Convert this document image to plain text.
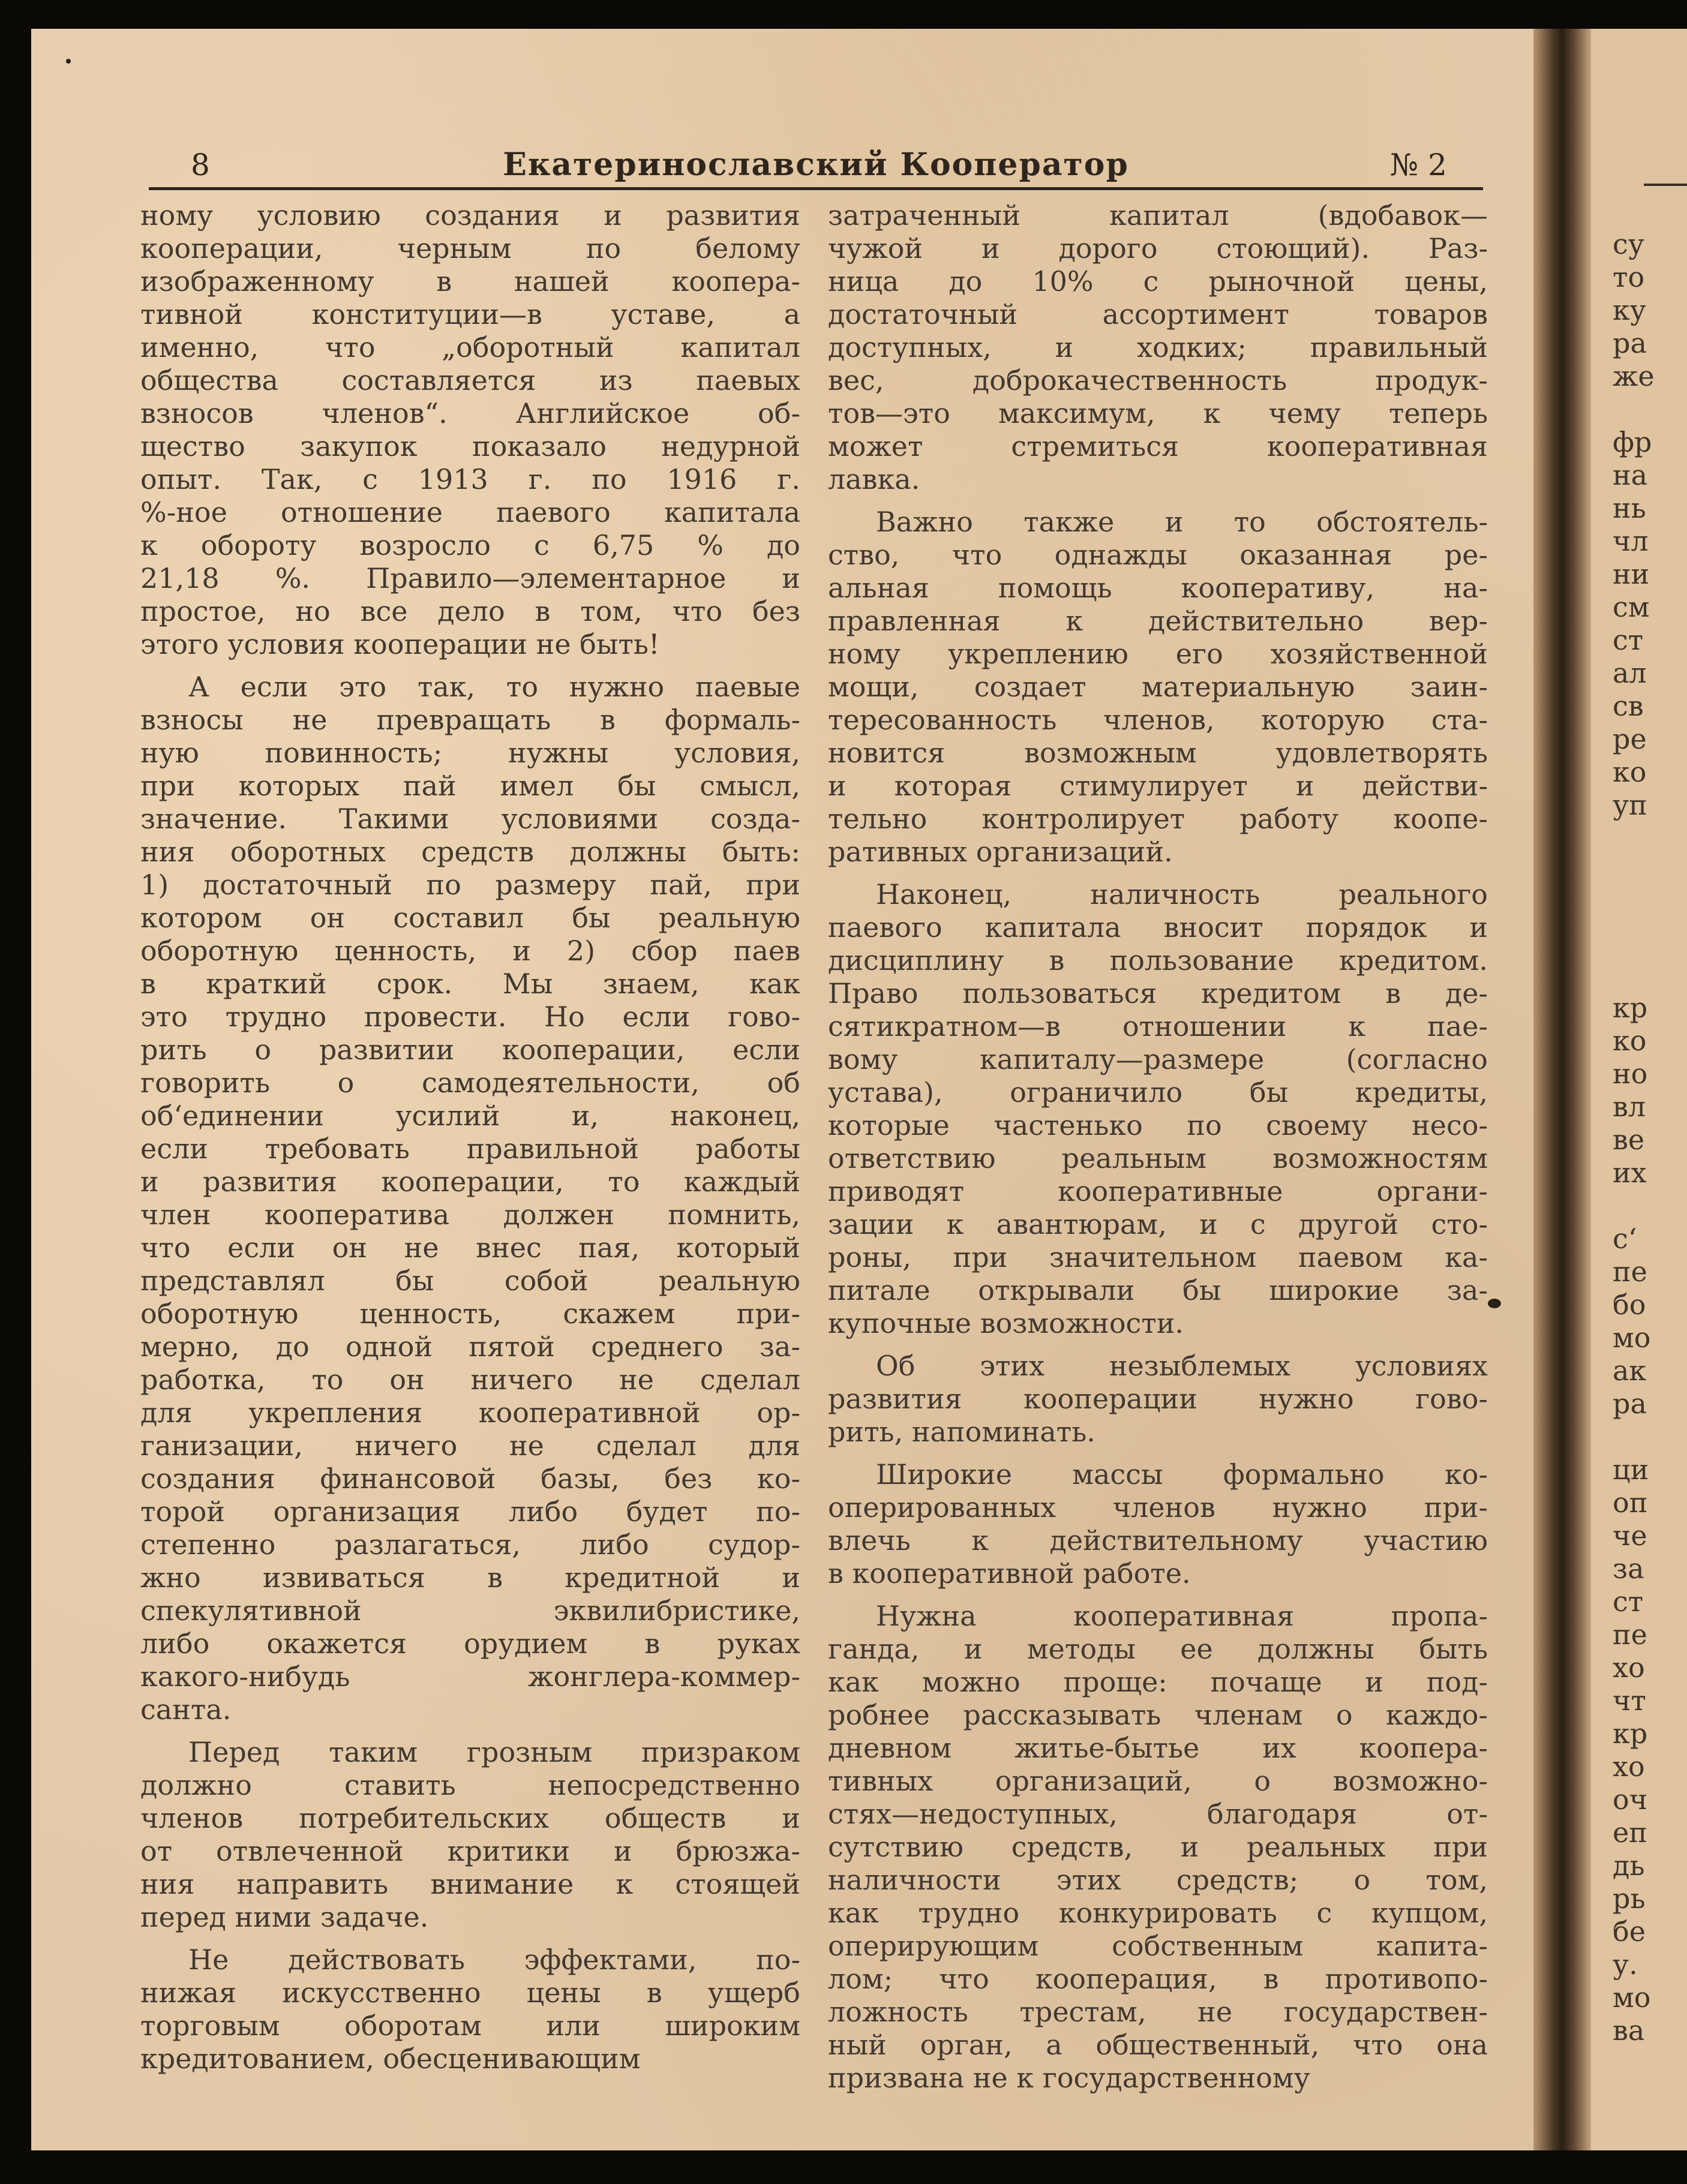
су
то
ку
ра
же
фр
на
нь
чл
ни
см
ст
ал
св
ре
ко
уп
кр
ко
но
вл
ве
их
с‘
пе
бо
мо
ак
ра
ци
оп
че
за
ст
пе
хо
чт
кр
хо
оч
еп
дь
рь
бе
у.
мо
ва
8	Екатеринославский Кооператор	№ 2
ному условию создания и развития
кооперации, черным по белому
изображенному в нашей коопера-
тивной конституции—в уставе, а
именно, что „оборотный капитал
общества составляется из паевых
взносов членов“. Английское об-
щество закупок показало недурной
опыт. Так, с 1913 г. по 1916 г.
%-ное отношение паевого капитала
к обороту возросло с 6,75 % до
21,18 %. Правило—элементарное и
простое, но все дело в том, что без
этого условия кооперации не быть!
А если это так, то нужно паевые
взносы не превращать в формаль-
ную повинность; нужны условия,
при которых пай имел бы смысл,
значение. Такими условиями созда-
ния оборотных средств должны быть:
1) достаточный по размеру пай, при
котором он составил бы реальную
оборотную ценность, и 2) сбор паев
в краткий срок. Мы знаем, как
это трудно провести. Но если гово-
рить о развитии кооперации, если
говорить о самодеятельности, об
об‘единении усилий и, наконец,
если требовать правильной работы
и развития кооперации, то каждый
член кооператива должен помнить,
что если он не внес пая, который
представлял бы собой реальную
оборотную ценность, скажем при-
мерно, до одной пятой среднего за-
работка, то он ничего не сделал
для укрепления кооперативной ор-
ганизации, ничего не сделал для
создания финансовой базы, без ко-
торой организация либо будет по-
степенно разлагаться, либо судор-
жно извиваться в кредитной и
спекулятивной эквилибристике,
либо окажется орудием в руках
какого-нибудь жонглера-коммер-
санта.
Перед таким грозным призраком
должно ставить непосредственно
членов потребительских обществ и
от отвлеченной критики и брюзжа-
ния направить внимание к стоящей
перед ними задаче.
Не действовать эффектами, по-
нижая искусственно цены в ущерб
торговым оборотам или широким
кредитованием, обесценивающим
затраченный капитал (вдобавок—
чужой и дорого стоющий). Раз-
ница до 10% с рыночной цены,
достаточный ассортимент товаров
доступных, и ходких; правильный
вес, доброкачественность продук-
тов—это максимум, к чему теперь
может стремиться кооперативная
лавка.
Важно также и то обстоятель-
ство, что однажды оказанная ре-
альная помощь кооперативу, на-
правленная к действительно вер-
ному укреплению его хозяйственной
мощи, создает материальную заин-
тересованность членов, которую ста-
новится возможным удовлетворять
и которая стимулирует и действи-
тельно контролирует работу коопе-
ративных организаций.
Наконец, наличность реального
паевого капитала вносит порядок и
дисциплину в пользование кредитом.
Право пользоваться кредитом в де-
сятикратном—в отношении к пае-
вому капиталу—размере (согласно
устава), ограничило бы кредиты,
которые частенько по своему несо-
ответствию реальным возможностям
приводят кооперативные органи-
зации к авантюрам, и с другой сто-
роны, при значительном паевом ка-
питале открывали бы широкие за-
купочные возможности.
Об этих незыблемых условиях
развития кооперации нужно гово-
рить, напоминать.
Широкие массы формально ко-
оперированных членов нужно при-
влечь к действительному участию
в кооперативной работе.
Нужна кооперативная пропа-
ганда, и методы ее должны быть
как можно проще: почаще и под-
робнее рассказывать членам о каждо-
дневном житье-бытье их коопера-
тивных организаций, о возможно-
стях—недоступных, благодаря от-
сутствию средств, и реальных при
наличности этих средств; о том,
как трудно конкурировать с купцом,
оперирующим собственным капита-
лом; что кооперация, в противопо-
ложность трестам, не государствен-
ный орган, а общественный, что она
призвана не к государственному
